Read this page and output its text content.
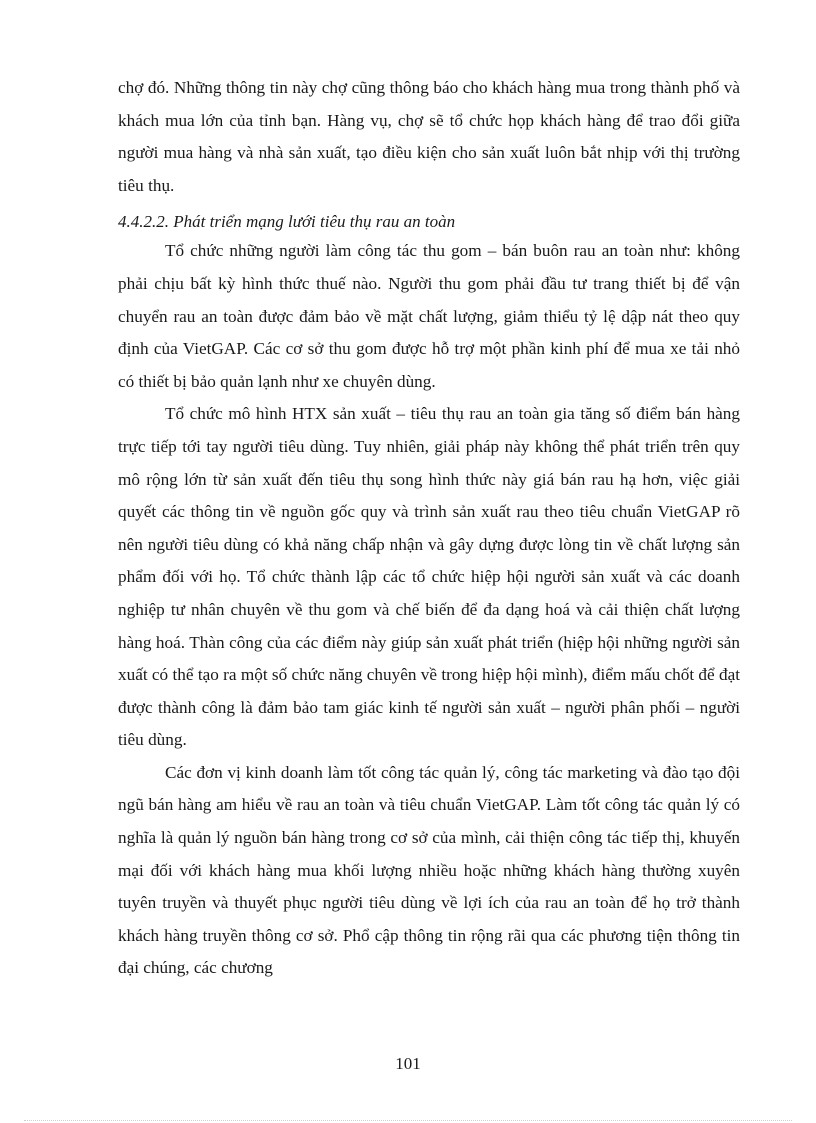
chợ đó. Những thông tin này chợ cũng thông báo cho khách hàng mua trong thành phố và khách mua lớn của tỉnh bạn. Hàng vụ, chợ sẽ tổ chức họp khách hàng để trao đổi giữa người mua hàng và nhà sản xuất, tạo điều kiện cho sản xuất luôn bắt nhịp với thị trường tiêu thụ.

4.4.2.2. Phát triển mạng lưới tiêu thụ rau an toàn

Tổ chức những người làm công tác thu gom – bán buôn rau an toàn như: không phải chịu bất kỳ hình thức thuế nào. Người thu gom phải đầu tư trang thiết bị để vận chuyển rau an toàn được đảm bảo về mặt chất lượng, giảm thiểu tỷ lệ dập nát theo quy định của VietGAP. Các cơ sở thu gom được hỗ trợ một phần kinh phí để mua xe tải nhỏ có thiết bị bảo quản lạnh như xe chuyên dùng.

Tổ chức mô hình HTX sản xuất – tiêu thụ rau an toàn gia tăng số điểm bán hàng trực tiếp tới tay người tiêu dùng. Tuy nhiên, giải pháp này không thể phát triển trên quy mô rộng lớn từ sản xuất đến tiêu thụ song hình thức này giá bán rau hạ hơn, việc giải quyết các thông tin về nguồn gốc quy và trình sản xuất rau theo tiêu chuẩn VietGAP rõ nên người tiêu dùng có khả năng chấp nhận và gây dựng được lòng tin về chất lượng sản phẩm đối với họ. Tổ chức thành lập các tổ chức hiệp hội người sản xuất và các doanh nghiệp tư nhân chuyên về thu gom và chế biến để đa dạng hoá và cải thiện chất lượng hàng hoá. Thàn công của các điểm này giúp sản xuất phát triển (hiệp hội những người sản xuất có thể tạo ra một số chức năng chuyên về trong hiệp hội mình), điểm mấu chốt để đạt được thành công là đảm bảo tam giác kinh tế người sản xuất – người phân phối – người tiêu dùng.

Các đơn vị kinh doanh làm tốt công tác quản lý, công tác marketing và đào tạo đội ngũ bán hàng am hiểu về rau an toàn và tiêu chuẩn VietGAP. Làm tốt công tác quản lý có nghĩa là quản lý nguồn bán hàng trong cơ sở của mình, cải thiện công tác tiếp thị, khuyến mại đối với khách hàng mua khối lượng nhiều hoặc những khách hàng thường xuyên tuyên truyền và thuyết phục người tiêu dùng về lợi ích của rau an toàn để họ trở thành khách hàng truyền thông cơ sở. Phổ cập thông tin rộng rãi qua các phương tiện thông tin đại chúng, các chương

101
